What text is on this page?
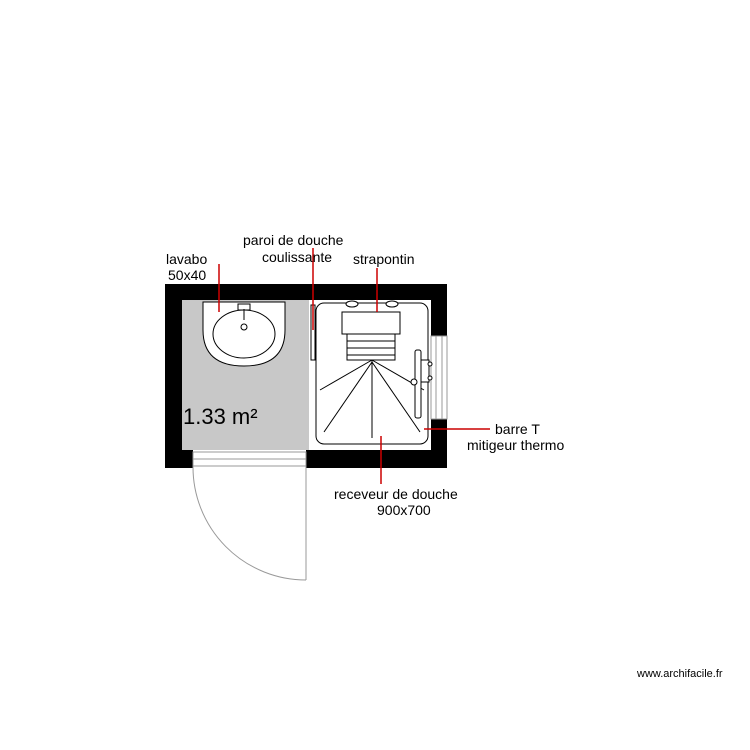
1.33 m²
lavabo
50x40
paroi de douche
coulissante strapontin
barre T
mitigeur thermo
receveur de douche
900x700
www.archifacile.fr
